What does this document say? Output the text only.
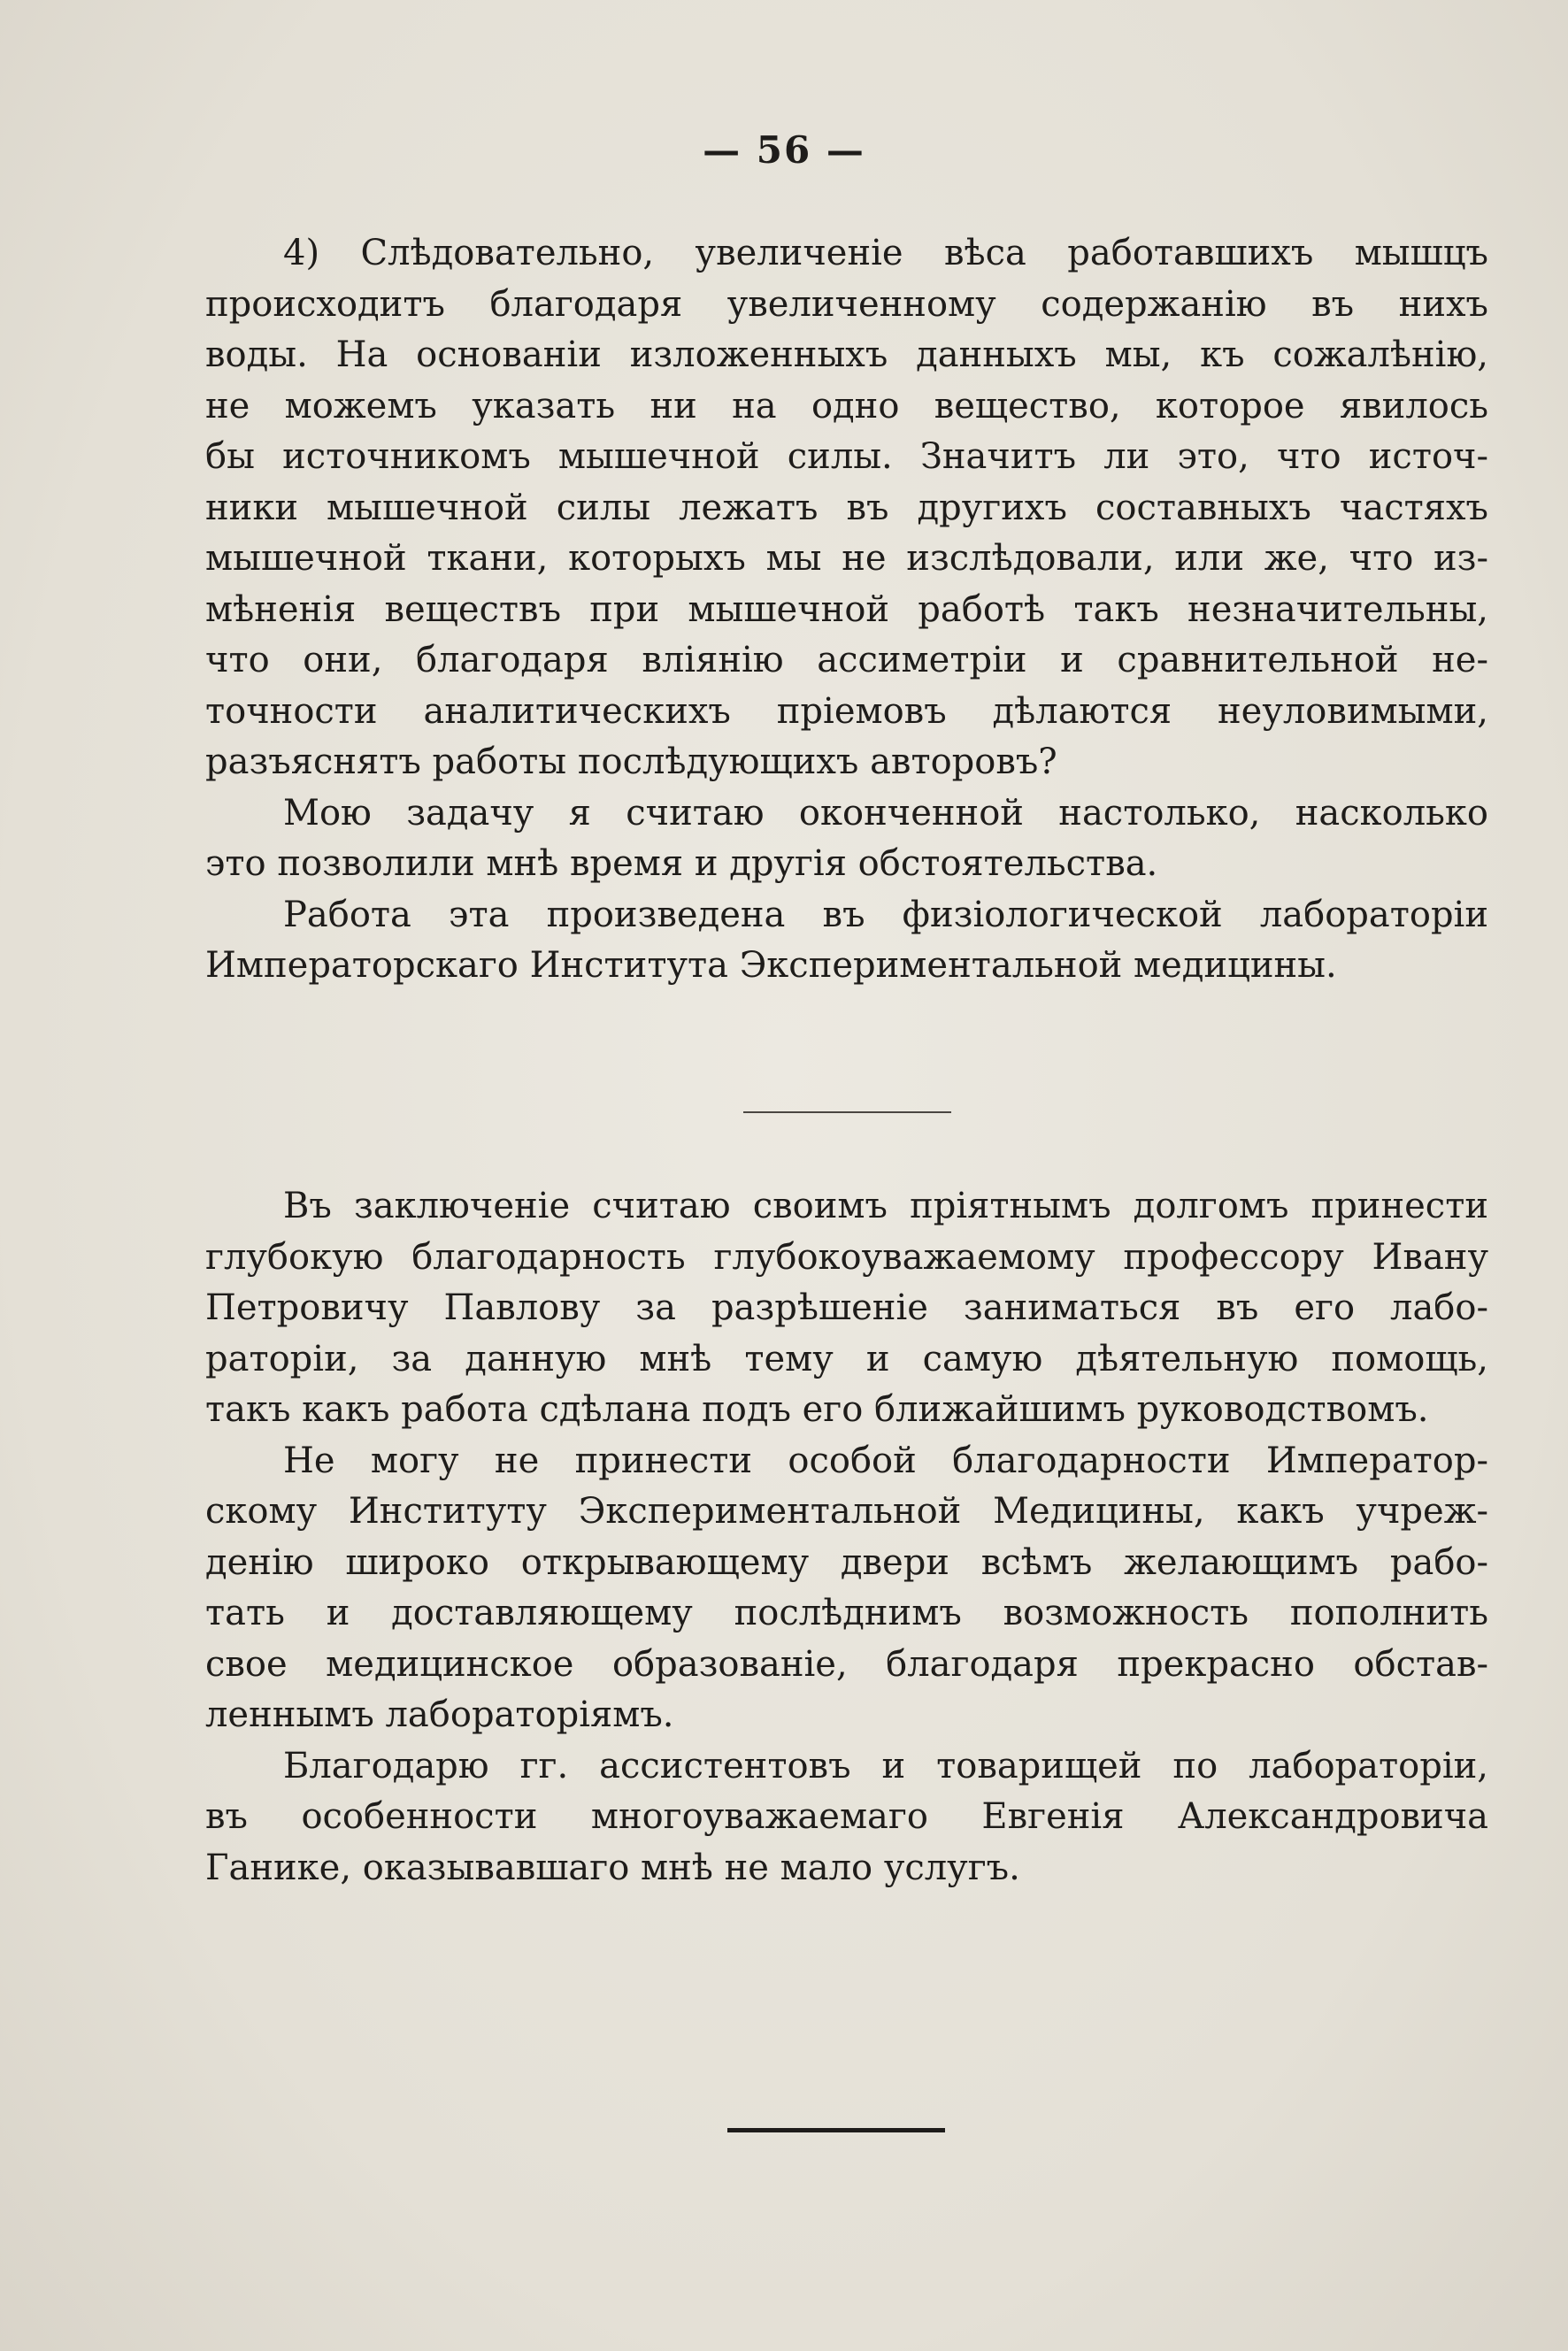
— 56 —

4) Слѣдовательно, увеличеніе вѣса работавшихъ мышцъ
происходитъ благодаря увеличенному содержанію въ нихъ
воды. На основаніи изложенныхъ данныхъ мы, къ сожалѣнію,
не можемъ указать ни на одно вещество, которое явилось
бы источникомъ мышечной силы. Значитъ ли это, что источ-
ники мышечной силы лежатъ въ другихъ составныхъ частяхъ
мышечной ткани, которыхъ мы не изслѣдовали, или же, что из-
мѣненія веществъ при мышечной работѣ такъ незначительны,
что они, благодаря вліянію ассиметріи и сравнительной не-
точности аналитическихъ пріемовъ дѣлаются неуловимыми,
разъяснятъ работы послѣдующихъ авторовъ?

Мою задачу я считаю оконченной настолько, насколько
это позволили мнѣ время и другія обстоятельства.

Работа эта произведена въ физіологической лабораторіи
Императорскаго Института Экспериментальной медицины.

Въ заключеніе считаю своимъ пріятнымъ долгомъ принести
глубокую благодарность глубокоуважаемому профессору Ивану
Петровичу Павлову за разрѣшеніе заниматься въ его лабо-
раторіи, за данную мнѣ тему и самую дѣятельную помощь,
такъ какъ работа сдѣлана подъ его ближайшимъ руководствомъ.

Не могу не принести особой благодарности Император-
скому Институту Экспериментальной Медицины, какъ учреж-
денію широко открывающему двери всѣмъ желающимъ рабо-
тать и доставляющему послѣднимъ возможность пополнить
свое медицинское образованіе, благодаря прекрасно обстав-
леннымъ лабораторіямъ.

Благодарю гг. ассистентовъ и товарищей по лабораторіи,
въ особенности многоуважаемаго Евгенія Александровича
Ганике, оказывавшаго мнѣ не мало услугъ.
